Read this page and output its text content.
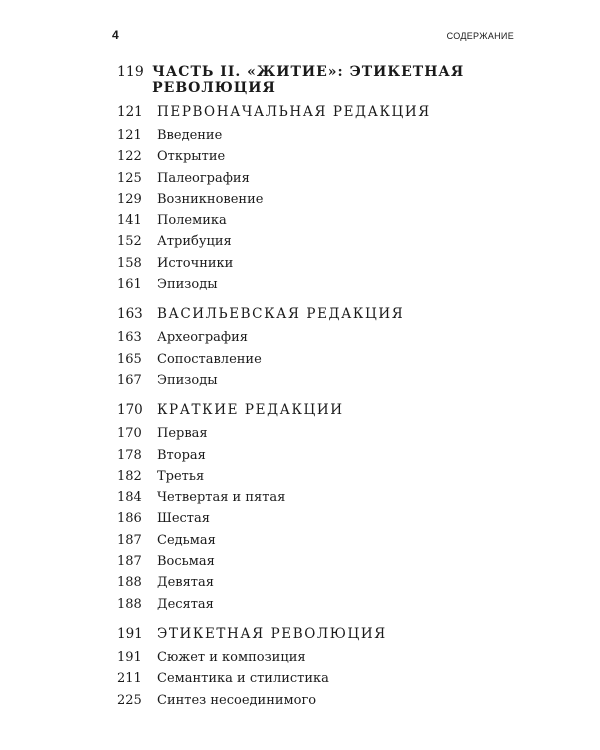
4	СОДЕРЖАНИЕ
119 ЧАСТЬ II. «ЖИТИЕ»: ЭТИКЕТНАЯ РЕВОЛЮЦИЯ
121	ПЕРВОНАЧАЛЬНАЯ РЕДАКЦИЯ
121	Введение
122	Открытие
125	Палеография
129	Возникновение
141	Полемика
152	Атрибуция
158	Источники
161	Эпизоды
163	ВАСИЛЬЕВСКАЯ РЕДАКЦИЯ
163	Археография
165	Сопоставление
167	Эпизоды
170	КРАТКИЕ РЕДАКЦИИ
170	Первая
178	Вторая
182	Третья
184	Четвертая и пятая
186	Шестая
187	Седьмая
187	Восьмая
188	Девятая
188	Десятая
191	ЭТИКЕТНАЯ РЕВОЛЮЦИЯ
191	Сюжет и композиция
211	Семантика и стилистика
225	Синтез несоединимого
